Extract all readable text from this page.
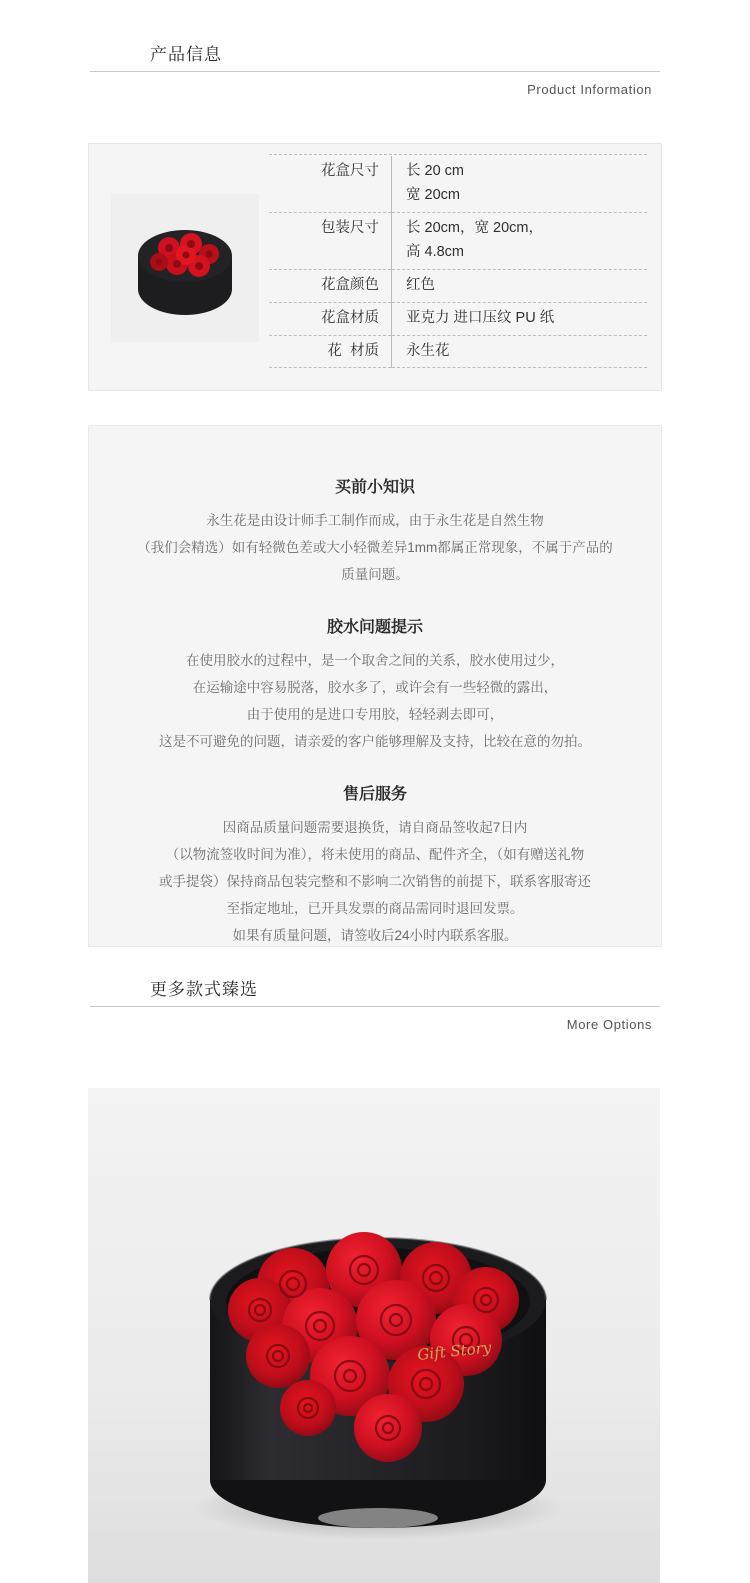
产品信息
Product Information
花盒尺寸	长 20 cm
宽 20cm

包装尺寸	长 20cm，宽 20cm，
高 4.8cm

花盒颜色	红色

花盒材质	亚克力 进口压纹 PU 纸

花  材质	永生花
买前小知识
永生花是由设计师手工制作而成，由于永生花是自然生物
（我们会精选）如有轻微色差或大小轻微差异1mm都属正常现象，不属于产品的
质量问题。
胶水问题提示
在使用胶水的过程中，是一个取舍之间的关系，胶水使用过少，
在运输途中容易脱落，胶水多了，或许会有一些轻微的露出，
由于使用的是进口专用胶，轻轻剥去即可，
这是不可避免的问题，请亲爱的客户能够理解及支持，比较在意的勿拍。
售后服务
因商品质量问题需要退换货，请自商品签收起7日内
（以物流签收时间为准），将未使用的商品、配件齐全，（如有赠送礼物
或手提袋）保持商品包装完整和不影响二次销售的前提下，联系客服寄还
至指定地址，已开具发票的商品需同时退回发票。
如果有质量问题，请签收后24小时内联系客服。
更多款式臻选
More Options
Gift Story
